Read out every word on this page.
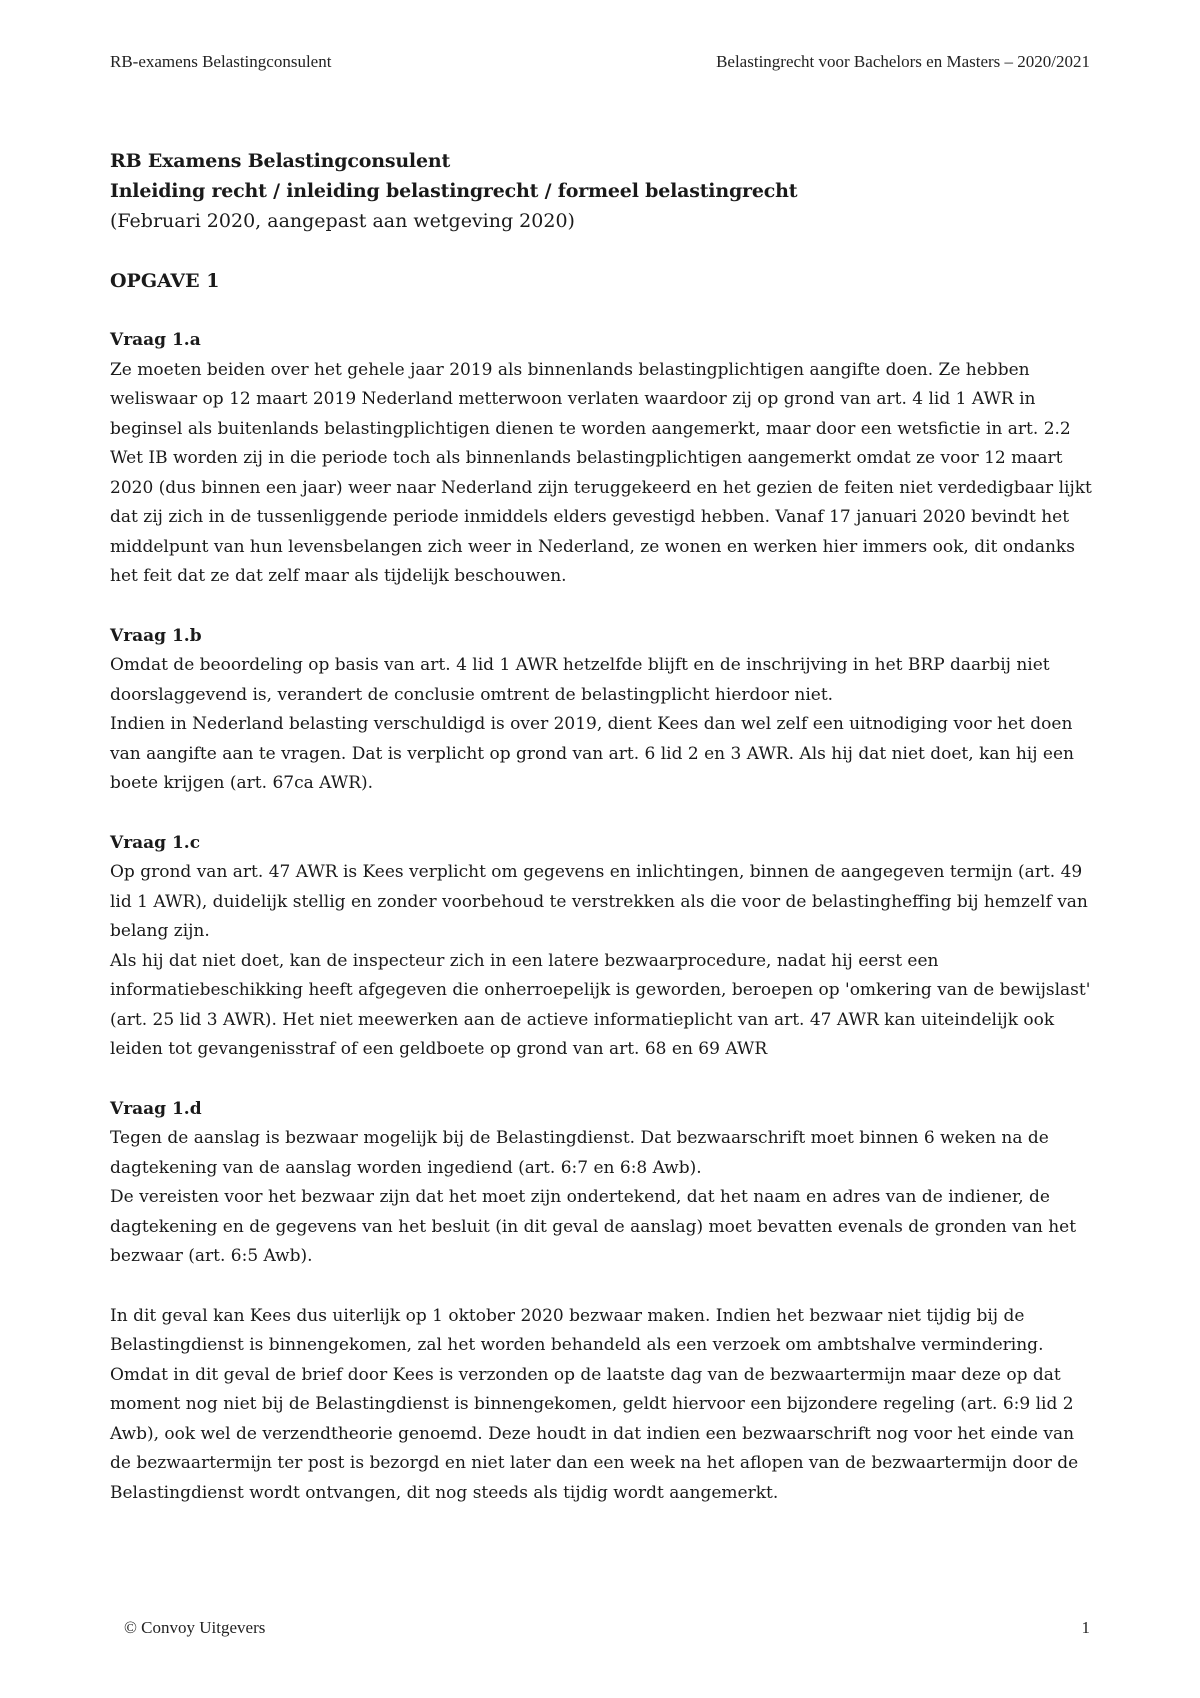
RB-examens Belastingconsulent	Belastingrecht voor Bachelors en Masters – 2020/2021
RB Examens Belastingconsulent
Inleiding recht / inleiding belastingrecht / formeel belastingrecht
(Februari 2020, aangepast aan wetgeving 2020)
OPGAVE 1
Vraag 1.a
Ze moeten beiden over het gehele jaar 2019 als binnenlands belastingplichtigen aangifte doen. Ze hebben weliswaar op 12 maart 2019 Nederland metterwoon verlaten waardoor zij op grond van art. 4 lid 1 AWR in beginsel als buitenlands belastingplichtigen dienen te worden aangemerkt, maar door een wetsfictie in art. 2.2 Wet IB worden zij in die periode toch als binnenlands belastingplichtigen aangemerkt omdat ze voor 12 maart 2020 (dus binnen een jaar) weer naar Nederland zijn teruggekeerd en het gezien de feiten niet verdedigbaar lijkt dat zij zich in de tussenliggende periode inmiddels elders gevestigd hebben. Vanaf 17 januari 2020 bevindt het middelpunt van hun levensbelangen zich weer in Nederland, ze wonen en werken hier immers ook, dit ondanks het feit dat ze dat zelf maar als tijdelijk beschouwen.
Vraag 1.b
Omdat de beoordeling op basis van art. 4 lid 1 AWR hetzelfde blijft en de inschrijving in het BRP daarbij niet doorslaggevend is, verandert de conclusie omtrent de belastingplicht hierdoor niet.
Indien in Nederland belasting verschuldigd is over 2019, dient Kees dan wel zelf een uitnodiging voor het doen van aangifte aan te vragen. Dat is verplicht op grond van art. 6 lid 2 en 3 AWR. Als hij dat niet doet, kan hij een boete krijgen (art. 67ca AWR).
Vraag 1.c
Op grond van art. 47 AWR is Kees verplicht om gegevens en inlichtingen, binnen de aangegeven termijn (art. 49 lid 1 AWR), duidelijk stellig en zonder voorbehoud te verstrekken als die voor de belastingheffing bij hemzelf van belang zijn.
Als hij dat niet doet, kan de inspecteur zich in een latere bezwaarprocedure, nadat hij eerst een informatiebeschikking heeft afgegeven die onherroepelijk is geworden, beroepen op 'omkering van de bewijslast' (art. 25 lid 3 AWR). Het niet meewerken aan de actieve informatieplicht van art. 47 AWR kan uiteindelijk ook leiden tot gevangenisstraf of een geldboete op grond van art. 68 en 69 AWR
Vraag 1.d
Tegen de aanslag is bezwaar mogelijk bij de Belastingdienst. Dat bezwaarschrift moet binnen 6 weken na de dagtekening van de aanslag worden ingediend (art. 6:7 en 6:8 Awb).
De vereisten voor het bezwaar zijn dat het moet zijn ondertekend, dat het naam en adres van de indiener, de dagtekening en de gegevens van het besluit (in dit geval de aanslag) moet bevatten evenals de gronden van het bezwaar (art. 6:5 Awb).
In dit geval kan Kees dus uiterlijk op 1 oktober 2020 bezwaar maken. Indien het bezwaar niet tijdig bij de Belastingdienst is binnengekomen, zal het worden behandeld als een verzoek om ambtshalve vermindering.
Omdat in dit geval de brief door Kees is verzonden op de laatste dag van de bezwaartermijn maar deze op dat moment nog niet bij de Belastingdienst is binnengekomen, geldt hiervoor een bijzondere regeling (art. 6:9 lid 2 Awb), ook wel de verzendtheorie genoemd. Deze houdt in dat indien een bezwaarschrift nog voor het einde van de bezwaartermijn ter post is bezorgd en niet later dan een week na het aflopen van de bezwaartermijn door de Belastingdienst wordt ontvangen, dit nog steeds als tijdig wordt aangemerkt.
© Convoy Uitgevers	1
